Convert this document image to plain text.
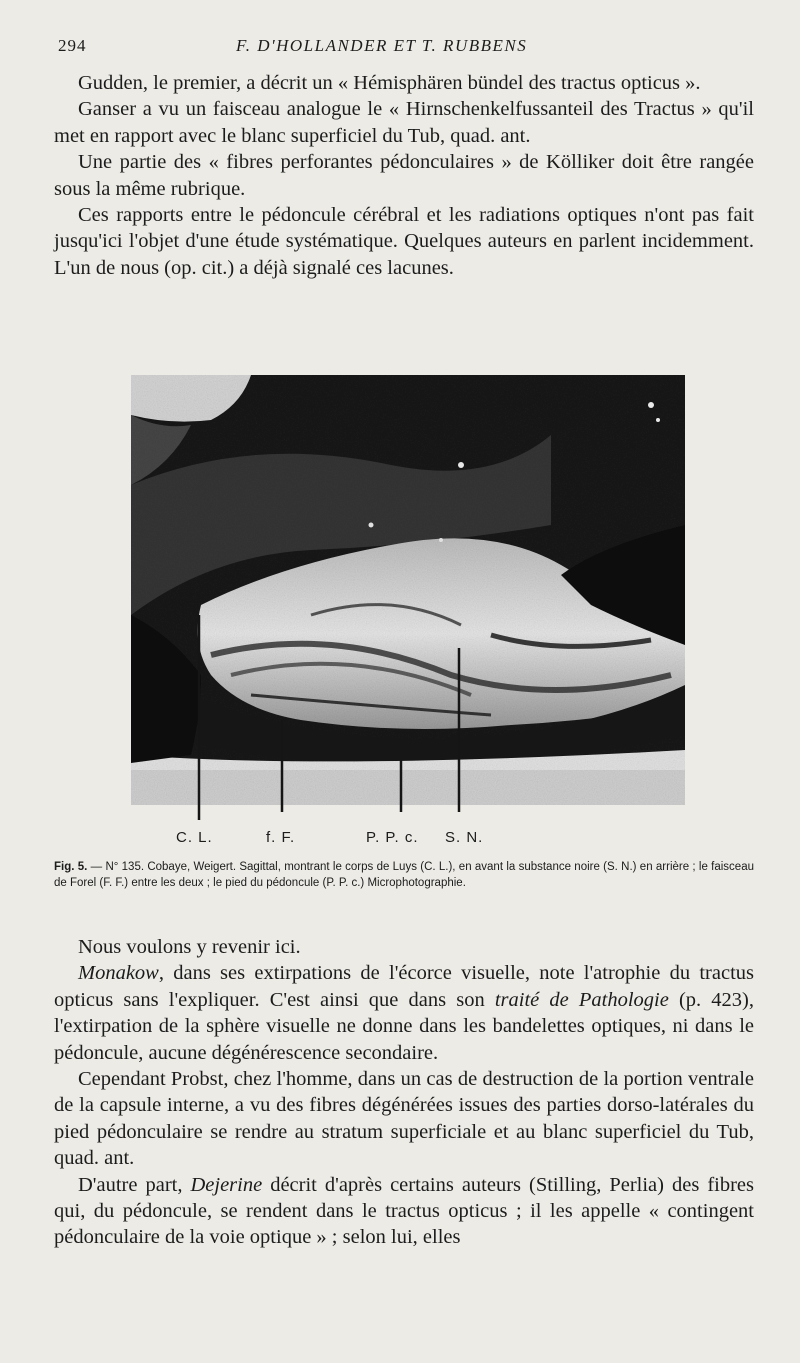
294	F. D'HOLLANDER ET T. RUBBENS
Gudden, le premier, a décrit un « Hémisphären bündel des tractus opticus ».
Ganser a vu un faisceau analogue le « Hirnschenkelfussanteil des Tractus » qu'il met en rapport avec le blanc superficiel du Tub, quad. ant.
Une partie des « fibres perforantes pédonculaires » de Kölliker doit être rangée sous la même rubrique.
Ces rapports entre le pédoncule cérébral et les radiations optiques n'ont pas fait jusqu'ici l'objet d'une étude systématique. Quelques auteurs en parlent incidemment. L'un de nous (op. cit.) a déjà signalé ces lacunes.
C. L.	f. F.	P. P. c. S. N.

Fig. 5. — N° 135. Cobaye, Weigert. Sagittal, montrant le corps de Luys (C. L.), en avant la substance noire (S. N.) en arrière ; le faisceau de Forel (F. F.) entre les deux ; le pied du pédoncule (P. P. c.) Microphotographie.

Nous voulons y revenir ici.
Monakow, dans ses extirpations de l'écorce visuelle, note l'atrophie du tractus opticus sans l'expliquer. C'est ainsi que dans son traité de Pathologie (p. 423), l'extirpation de la sphère visuelle ne donne dans les bandelettes optiques, ni dans le pédoncule, aucune dégénérescence secondaire.
Cependant Probst, chez l'homme, dans un cas de destruction de la portion ventrale de la capsule interne, a vu des fibres dégénérées issues des parties dorso-latérales du pied pédonculaire se rendre au stratum superficiale et au blanc superficiel du Tub, quad. ant.
D'autre part, Dejerine décrit d'après certains auteurs (Stilling, Perlia) des fibres qui, du pédoncule, se rendent dans le tractus opticus ; il les appelle « contingent pédonculaire de la voie optique » ; selon lui, elles
